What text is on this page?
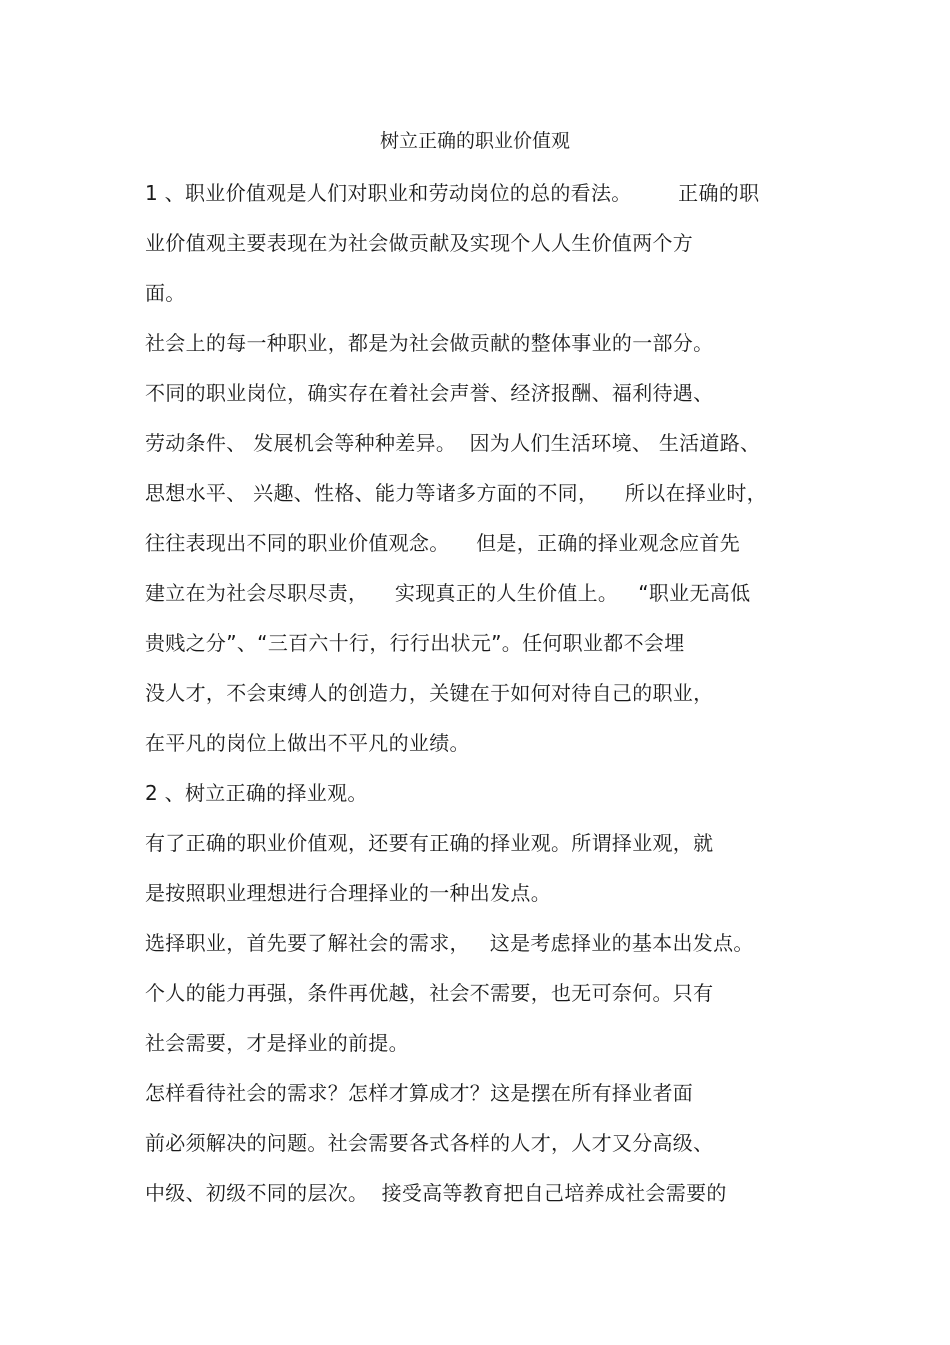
树立正确的职业价值观
1 、职业价值观是人们对职业和劳动岗位的总的看法。       正确的职
业价值观主要表现在为社会做贡献及实现个人人生价值两个方
面。
社会上的每一种职业，都是为社会做贡献的整体事业的一部分。
不同的职业岗位，确实存在着社会声誉、经济报酬、福利待遇、
劳动条件、 发展机会等种种差异。  因为人们生活环境、 生活道路、
思想水平、 兴趣、性格、能力等诸多方面的不同，    所以在择业时，
往往表现出不同的职业价值观念。    但是，正确的择业观念应首先
建立在为社会尽职尽责，    实现真正的人生价值上。   “职业无高低
贵贱之分”、“三百六十行，行行出状元”。任何职业都不会埋
没人才，不会束缚人的创造力，关键在于如何对待自己的职业，
在平凡的岗位上做出不平凡的业绩。
2 、树立正确的择业观。
有了正确的职业价值观，还要有正确的择业观。所谓择业观，就
是按照职业理想进行合理择业的一种出发点。
选择职业，首先要了解社会的需求，   这是考虑择业的基本出发点。
个人的能力再强，条件再优越，社会不需要，也无可奈何。只有
社会需要，才是择业的前提。
怎样看待社会的需求？怎样才算成才？这是摆在所有择业者面
前必须解决的问题。社会需要各式各样的人才，人才又分高级、
中级、初级不同的层次。  接受高等教育把自己培养成社会需要的
